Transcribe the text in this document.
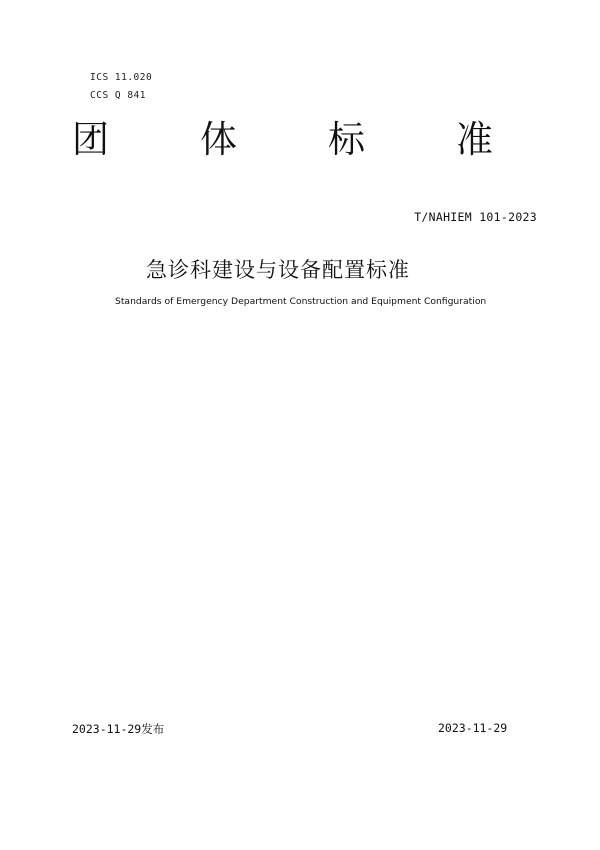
ICS 11.020
CCS Q 841
团 体 标 准
T/NAHIEM 101-2023
急诊科建设与设备配置标准
Standards of Emergency Department Construction and Equipment Configuration
2023-11-29发布	2023-11-29
